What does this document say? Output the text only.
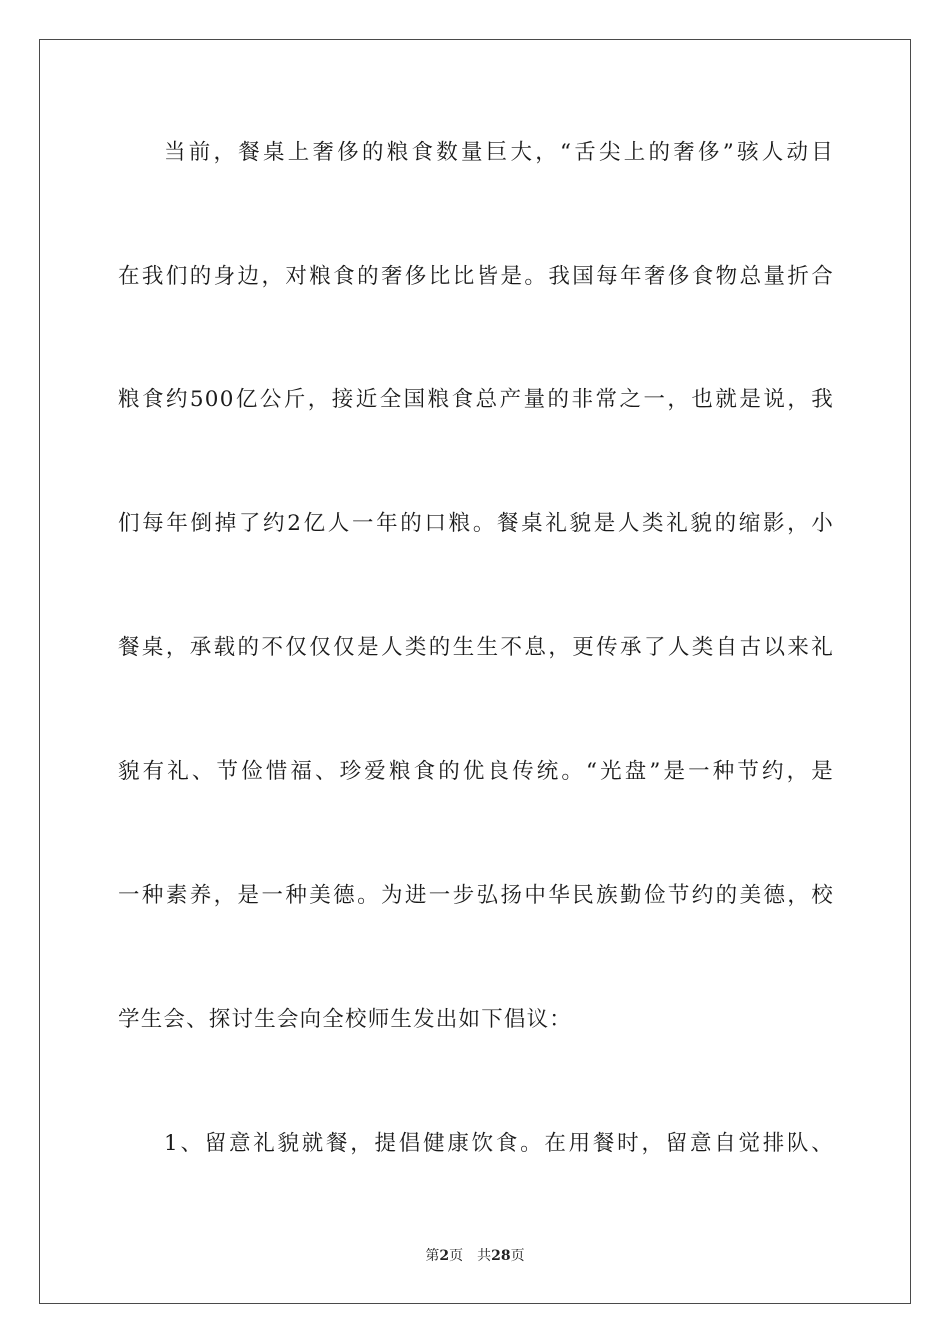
当前，餐桌上奢侈的粮食数量巨大，“舌尖上的奢侈”骇人动目
在我们的身边，对粮食的奢侈比比皆是。我国每年奢侈食物总量折合
粮食约500亿公斤，接近全国粮食总产量的非常之一，也就是说，我
们每年倒掉了约2亿人一年的口粮。餐桌礼貌是人类礼貌的缩影，小
餐桌，承载的不仅仅仅是人类的生生不息，更传承了人类自古以来礼
貌有礼、节俭惜福、珍爱粮食的优良传统。“光盘”是一种节约，是
一种素养，是一种美德。为进一步弘扬中华民族勤俭节约的美德，校
学生会、探讨生会向全校师生发出如下倡议：
1、留意礼貌就餐，提倡健康饮食。在用餐时，留意自觉排队、
第2页 共28页
